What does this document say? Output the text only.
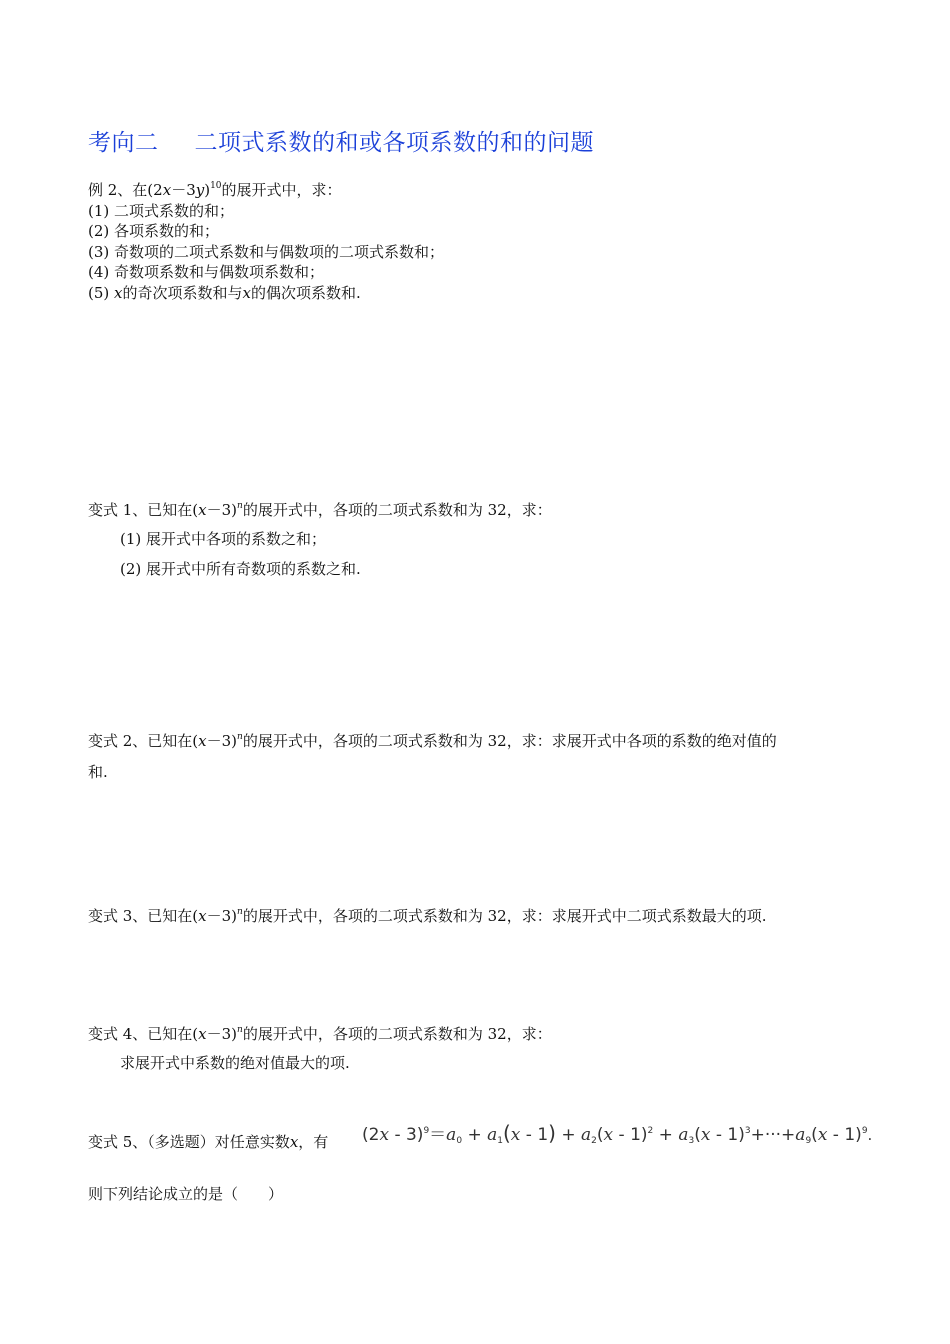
考向二 二项式系数的和或各项系数的和的问题
例 2、在$(2x-3y)^{10}$的展开式中，求：
(1) 二项式系数的和；
(2) 各项系数的和；
(3) 奇数项的二项式系数和与偶数项的二项式系数和；
(4) 奇数项系数和与偶数项系数和；
(5) x的奇次项系数和与x的偶次项系数和.
变式 1、已知在$(x-3)^n$的展开式中，各项的二项式系数和为 32，求：
(1) 展开式中各项的系数之和；
(2) 展开式中所有奇数项的系数之和.
变式 2、已知在$(x-3)^n$的展开式中，各项的二项式系数和为 32，求：求展开式中各项的系数的绝对值的
和.
变式 3、已知在$(x-3)^n$的展开式中，各项的二项式系数和为 32，求：求展开式中二项式系数最大的项.
变式 4、已知在$(x-3)^n$的展开式中，各项的二项式系数和为 32，求：
求展开式中系数的绝对值最大的项.
变式 5、（多选题）对任意实数x，有 $(2x - 3)^9=a_0 + a_1(x - 1) + a_2(x - 1)^2 + a_3(x - 1)^3+\cdot\cdot\cdot+a_9(x - 1)^9$.
则下列结论成立的是（　　）
